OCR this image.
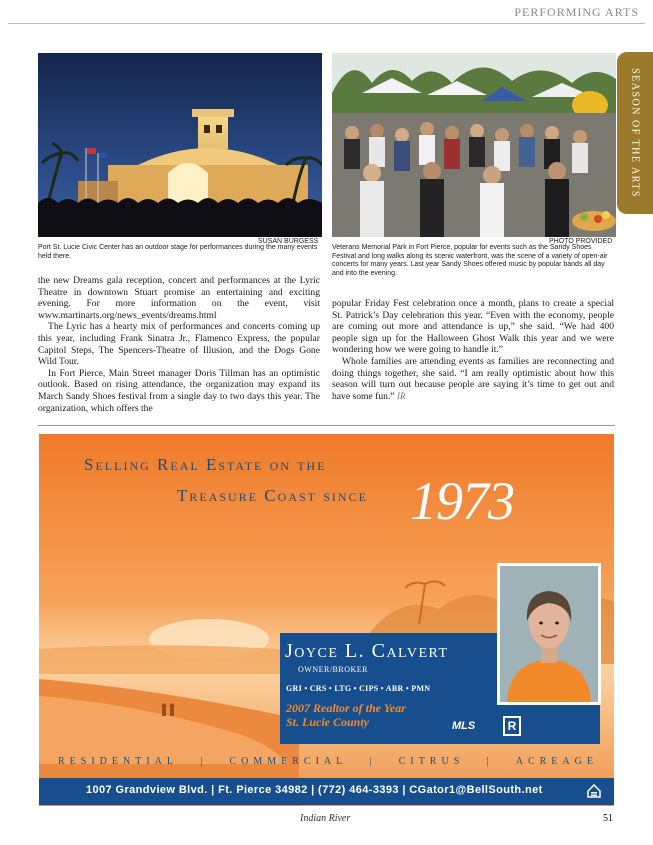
PERFORMING ARTS
SEASON OF THE ARTS
SUSAN BURGESS
Port St. Lucie Civic Center has an outdoor stage for performances during the many events held there.
PHOTO PROVIDED
Veterans Memorial Park in Fort Pierce, popular for events such as the Sandy Shoes Festival and long walks along its scenic waterfront, was the scene of a variety of open-air concerts for many years. Last year Sandy Shoes offered music by popular bands all day and into the evening.

the new Dreams gala reception, concert and performances at the Lyric Theatre in downtown Stuart promise an entertaining and exciting evening. For more information on the event, visit www.martinarts.org/news_events/dreams.html

The Lyric has a hearty mix of performances and concerts coming up this year, including Frank Sinatra Jr., Flamenco Express, the popular Capitol Steps, The Spencers-Theatre of Illusion, and the Dogs Gone Wild Tour.

In Fort Pierce, Main Street manager Doris Tillman has an optimistic outlook. Based on rising attendance, the organization may expand its March Sandy Shoes festival from a single day to two days this year. The organization, which offers the

popular Friday Fest celebration once a month, plans to create a special St. Patrick’s Day celebration this year. “Even with the economy, people are coming out more and attendance is up,” she said. “We had 400 people sign up for the Halloween Ghost Walk this year and we were wondering how we were going to handle it.”

Whole families are attending events as families are reconnecting and doing things together, she said. “I am really optimistic about how this season will turn out because people are saying it’s time to get out and have some fun.” IR

Selling Real Estate on the
Treasure Coast since 1973
Joyce L. Calvert
OWNER/BROKER
GRI • CRS • LTG • CIPS • ABR • PMN
2007 Realtor of the Year
St. Lucie County	MLS	R
RESIDENTIAL | COMMERCIAL | CITRUS | ACREAGE
1007 Grandview Blvd. | Ft. Pierce 34982 | (772) 464-3393 | CGator1@BellSouth.net
Indian River	51
